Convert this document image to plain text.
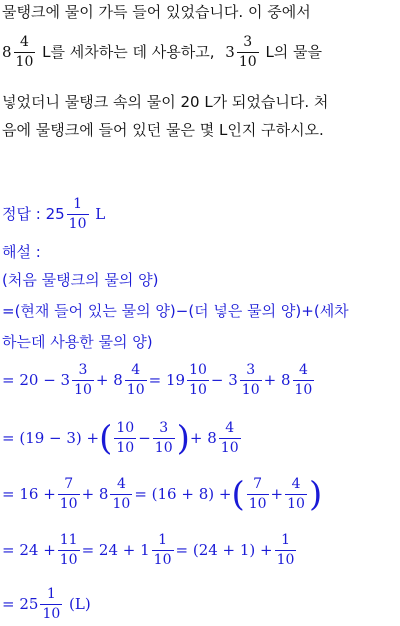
물탱크에 물이 가득 들어 있었습니다. 이 중에서
$8 \frac{4}{10}$ L를 세차하는 데 사용하고, $3 \frac{3}{10}$ L의 물을
넣었더니 물탱크 속의 물이 20 L가 되었습니다. 처
음에 물탱크에 들어 있던 물은 몇 L인지 구하시오.
정답 : $25 \frac{1}{10}$ L
해설 :
(처음 물탱크의 물의 양)
=(현재 들어 있는 물의 양)−(더 넣은 물의 양)+(세차
하는데 사용한 물의 양)
= $20 - 3 \frac{3}{10} + 8 \frac{4}{10} = 19 \frac{10}{10} - 3 \frac{3}{10} + 8 \frac{4}{10}$
= (19 − 3) +( $\frac{10}{10} - \frac{3}{10}$ )+ $8 \frac{4}{10}$
= $16 + \frac{7}{10} + 8 \frac{4}{10} = (16 + 8)$ +( $\frac{7}{10} + \frac{4}{10}$ )
= $24 + \frac{11}{10} = 24 + 1 \frac{1}{10} = (24 + 1) + \frac{1}{10}$
= $25 \frac{1}{10} (L)$
